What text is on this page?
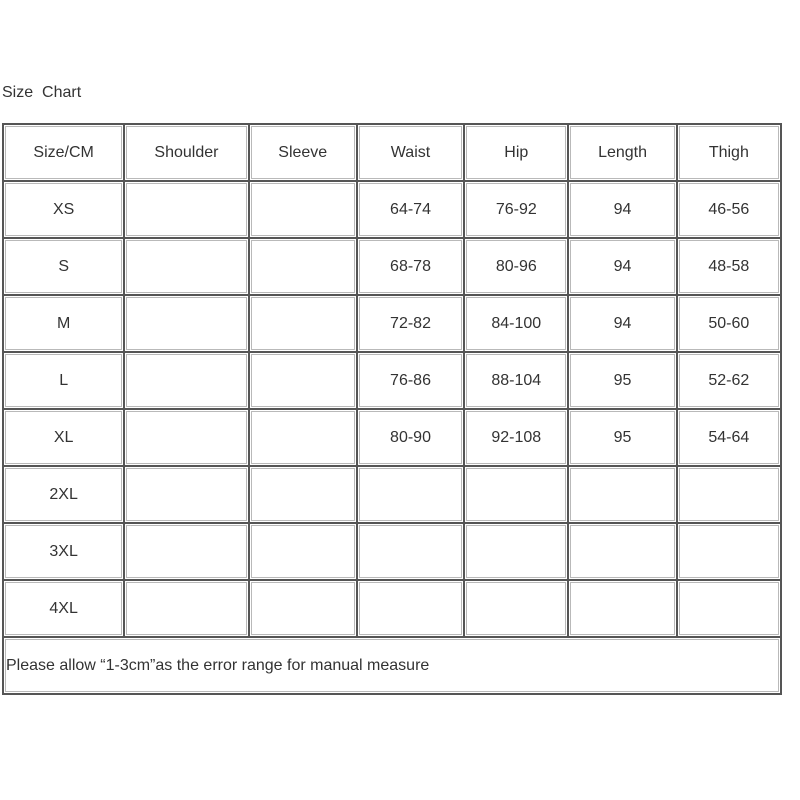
Size  Chart
Size/CM	Shoulder	Sleeve	Waist	Hip	Length	Thigh
XS			64-74	76-92	94	46-56
S			68-78	80-96	94	48-58
M			72-82	84-100	94	50-60
L			76-86	88-104	95	52-62
XL			80-90	92-108	95	54-64
2XL						
3XL						
4XL						
Please allow “1-3cm”as the error range for manual measure						
